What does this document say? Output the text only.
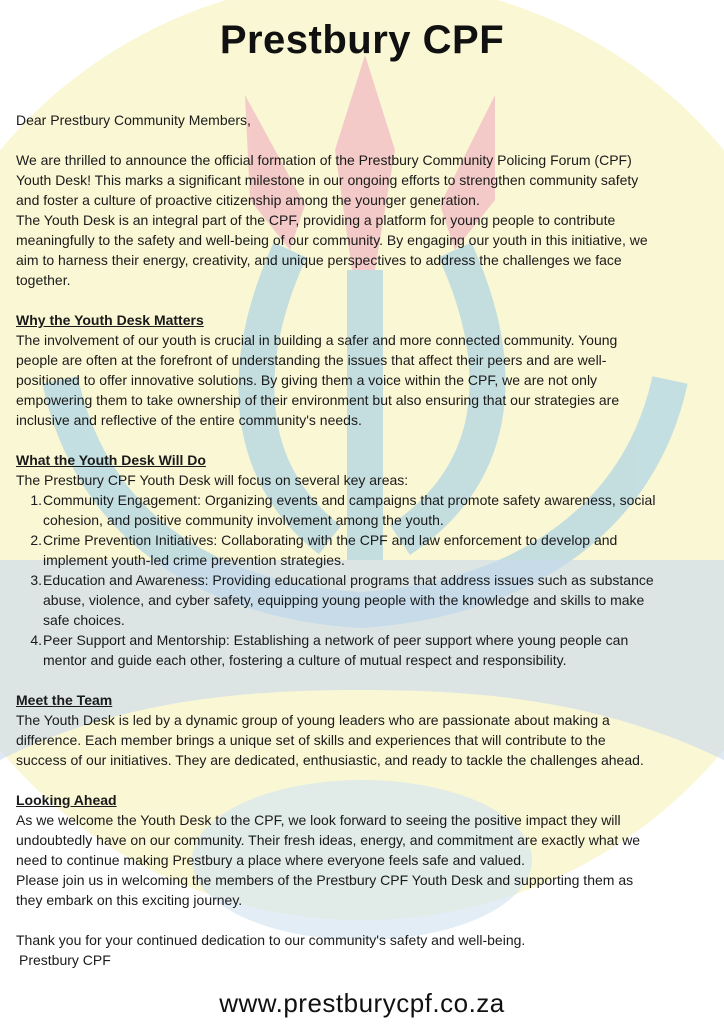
Prestbury CPF
Dear Prestbury Community Members,
We are thrilled to announce the official formation of the Prestbury Community Policing Forum (CPF)
Youth Desk! This marks a significant milestone in our ongoing efforts to strengthen community safety
and foster a culture of proactive citizenship among the younger generation.
The Youth Desk is an integral part of the CPF, providing a platform for young people to contribute
meaningfully to the safety and well-being of our community. By engaging our youth in this initiative, we
aim to harness their energy, creativity, and unique perspectives to address the challenges we face
together.
Why the Youth Desk Matters
The involvement of our youth is crucial in building a safer and more connected community. Young
people are often at the forefront of understanding the issues that affect their peers and are well-
positioned to offer innovative solutions. By giving them a voice within the CPF, we are not only
empowering them to take ownership of their environment but also ensuring that our strategies are
inclusive and reflective of the entire community's needs.
What the Youth Desk Will Do
The Prestbury CPF Youth Desk will focus on several key areas:
1. Community Engagement: Organizing events and campaigns that promote safety awareness, social
cohesion, and positive community involvement among the youth.
2. Crime Prevention Initiatives: Collaborating with the CPF and law enforcement to develop and
implement youth-led crime prevention strategies.
3. Education and Awareness: Providing educational programs that address issues such as substance
abuse, violence, and cyber safety, equipping young people with the knowledge and skills to make
safe choices.
4. Peer Support and Mentorship: Establishing a network of peer support where young people can
mentor and guide each other, fostering a culture of mutual respect and responsibility.
Meet the Team
The Youth Desk is led by a dynamic group of young leaders who are passionate about making a
difference. Each member brings a unique set of skills and experiences that will contribute to the
success of our initiatives. They are dedicated, enthusiastic, and ready to tackle the challenges ahead.
Looking Ahead
As we welcome the Youth Desk to the CPF, we look forward to seeing the positive impact they will
undoubtedly have on our community. Their fresh ideas, energy, and commitment are exactly what we
need to continue making Prestbury a place where everyone feels safe and valued.
Please join us in welcoming the members of the Prestbury CPF Youth Desk and supporting them as
they embark on this exciting journey.
Thank you for your continued dedication to our community's safety and well-being.
Prestbury CPF
www.prestburycpf.co.za
